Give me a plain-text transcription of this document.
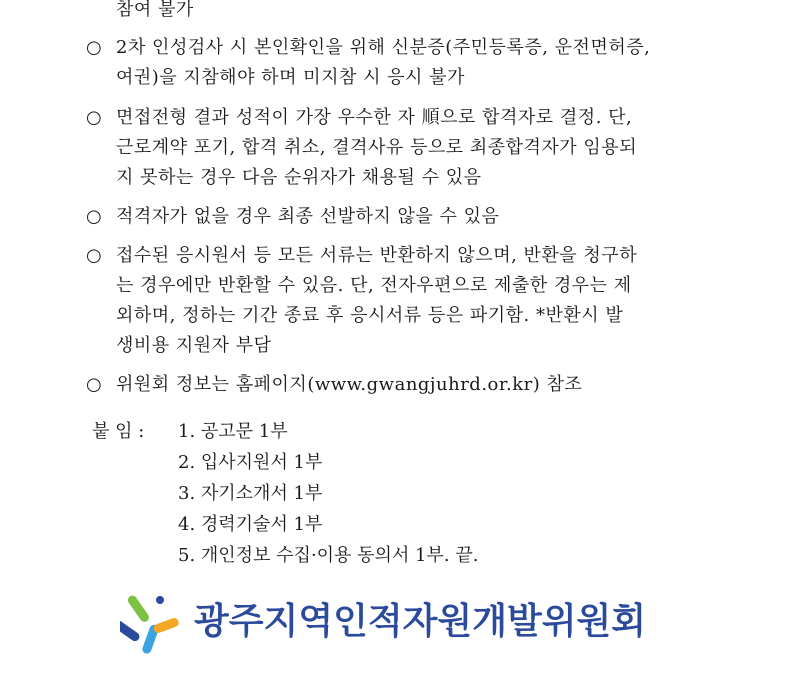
참여 불가
○ 2차 인성검사 시 본인확인을 위해 신분증(주민등록증, 운전면허증,
여권)을 지참해야 하며 미지참 시 응시 불가
○ 면접전형 결과 성적이 가장 우수한 자 順으로 합격자로 결정. 단,
근로계약 포기, 합격 취소, 결격사유 등으로 최종합격자가 임용되
지 못하는 경우 다음 순위자가 채용될 수 있음
○ 적격자가 없을 경우 최종 선발하지 않을 수 있음
○ 접수된 응시원서 등 모든 서류는 반환하지 않으며, 반환을 청구하
는 경우에만 반환할 수 있음. 단, 전자우편으로 제출한 경우는 제
외하며, 정하는 기간 종료 후 응시서류 등은 파기함. *반환시 발
생비용 지원자 부담
○ 위원회 정보는 홈페이지(www.gwangjuhrd.or.kr) 참조
붙 임 : 1. 공고문 1부
2. 입사지원서 1부
3. 자기소개서 1부
4. 경력기술서 1부
5. 개인정보 수집·이용 동의서 1부. 끝.
광주지역인적자원개발위원회
